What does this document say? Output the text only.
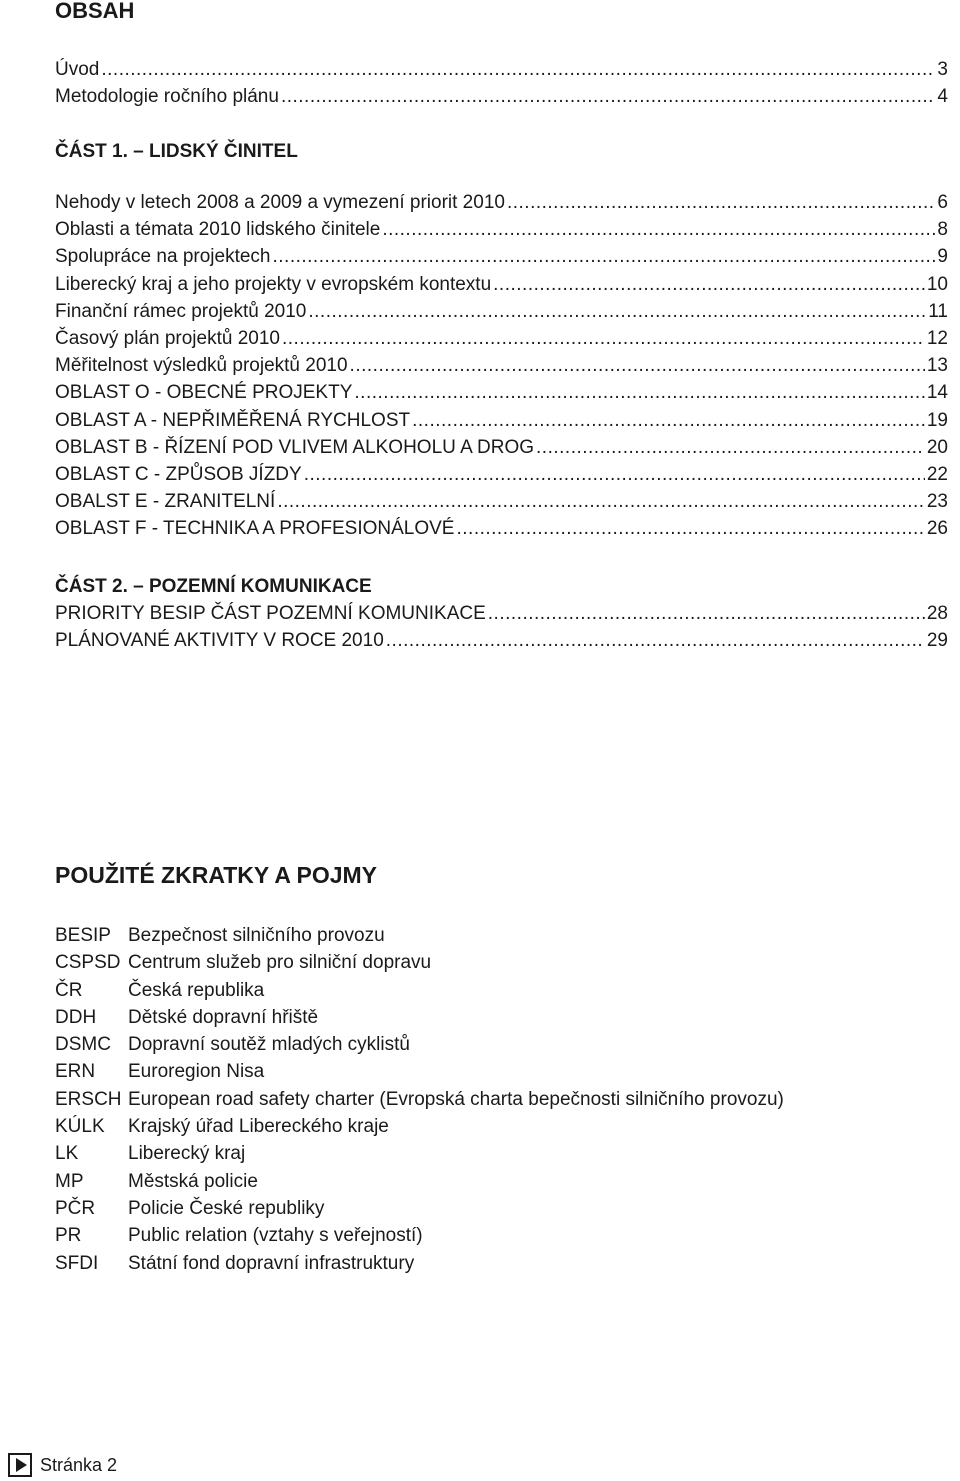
OBSAH
Úvod .....	3
Metodologie ročního plánu .....	4
ČÁST 1. – LIDSKÝ ČINITEL
Nehody v letech 2008 a 2009 a vymezení priorit 2010 .....	6
Oblasti a témata 2010 lidského činitele .....	8
Spolupráce na projektech .....	9
Liberecký kraj a jeho projekty v evropském kontextu .....	10
Finanční rámec projektů 2010 .....	11
Časový plán projektů 2010 .....	12
Měřitelnost výsledků projektů 2010 .....	13
OBLAST O - OBECNÉ PROJEKTY .....	14
OBLAST A - NEPŘIMĚŘENÁ RYCHLOST .....	19
OBLAST B - ŘÍZENÍ POD VLIVEM ALKOHOLU A DROG .....	20
OBLAST C - ZPŮSOB JÍZDY .....	22
OBALST E - ZRANITELNÍ .....	23
OBLAST F - TECHNIKA A PROFESIONÁLOVÉ .....	26
ČÁST 2. – POZEMNÍ KOMUNIKACE
PRIORITY BESIP ČÁST POZEMNÍ KOMUNIKACE .....	28
PLÁNOVANÉ AKTIVITY V ROCE 2010 .....	29
POUŽITÉ ZKRATKY A POJMY
BESIP Bezpečnost silničního provozu
CSPSD Centrum služeb pro silniční dopravu
ČR	Česká republika
DDH	Dětské dopravní hřiště
DSMC Dopravní soutěž mladých cyklistů
ERN	Euroregion Nisa
ERSCH European road safety charter (Evropská charta bepečnosti silničního provozu)
KÚLK	Krajský úřad Libereckého kraje
LK	Liberecký kraj
MP	Městská policie
PČR	Policie České republiky
PR	Public relation (vztahy s veřejností)
SFDI	Státní fond dopravní infrastruktury
Stránka 2
